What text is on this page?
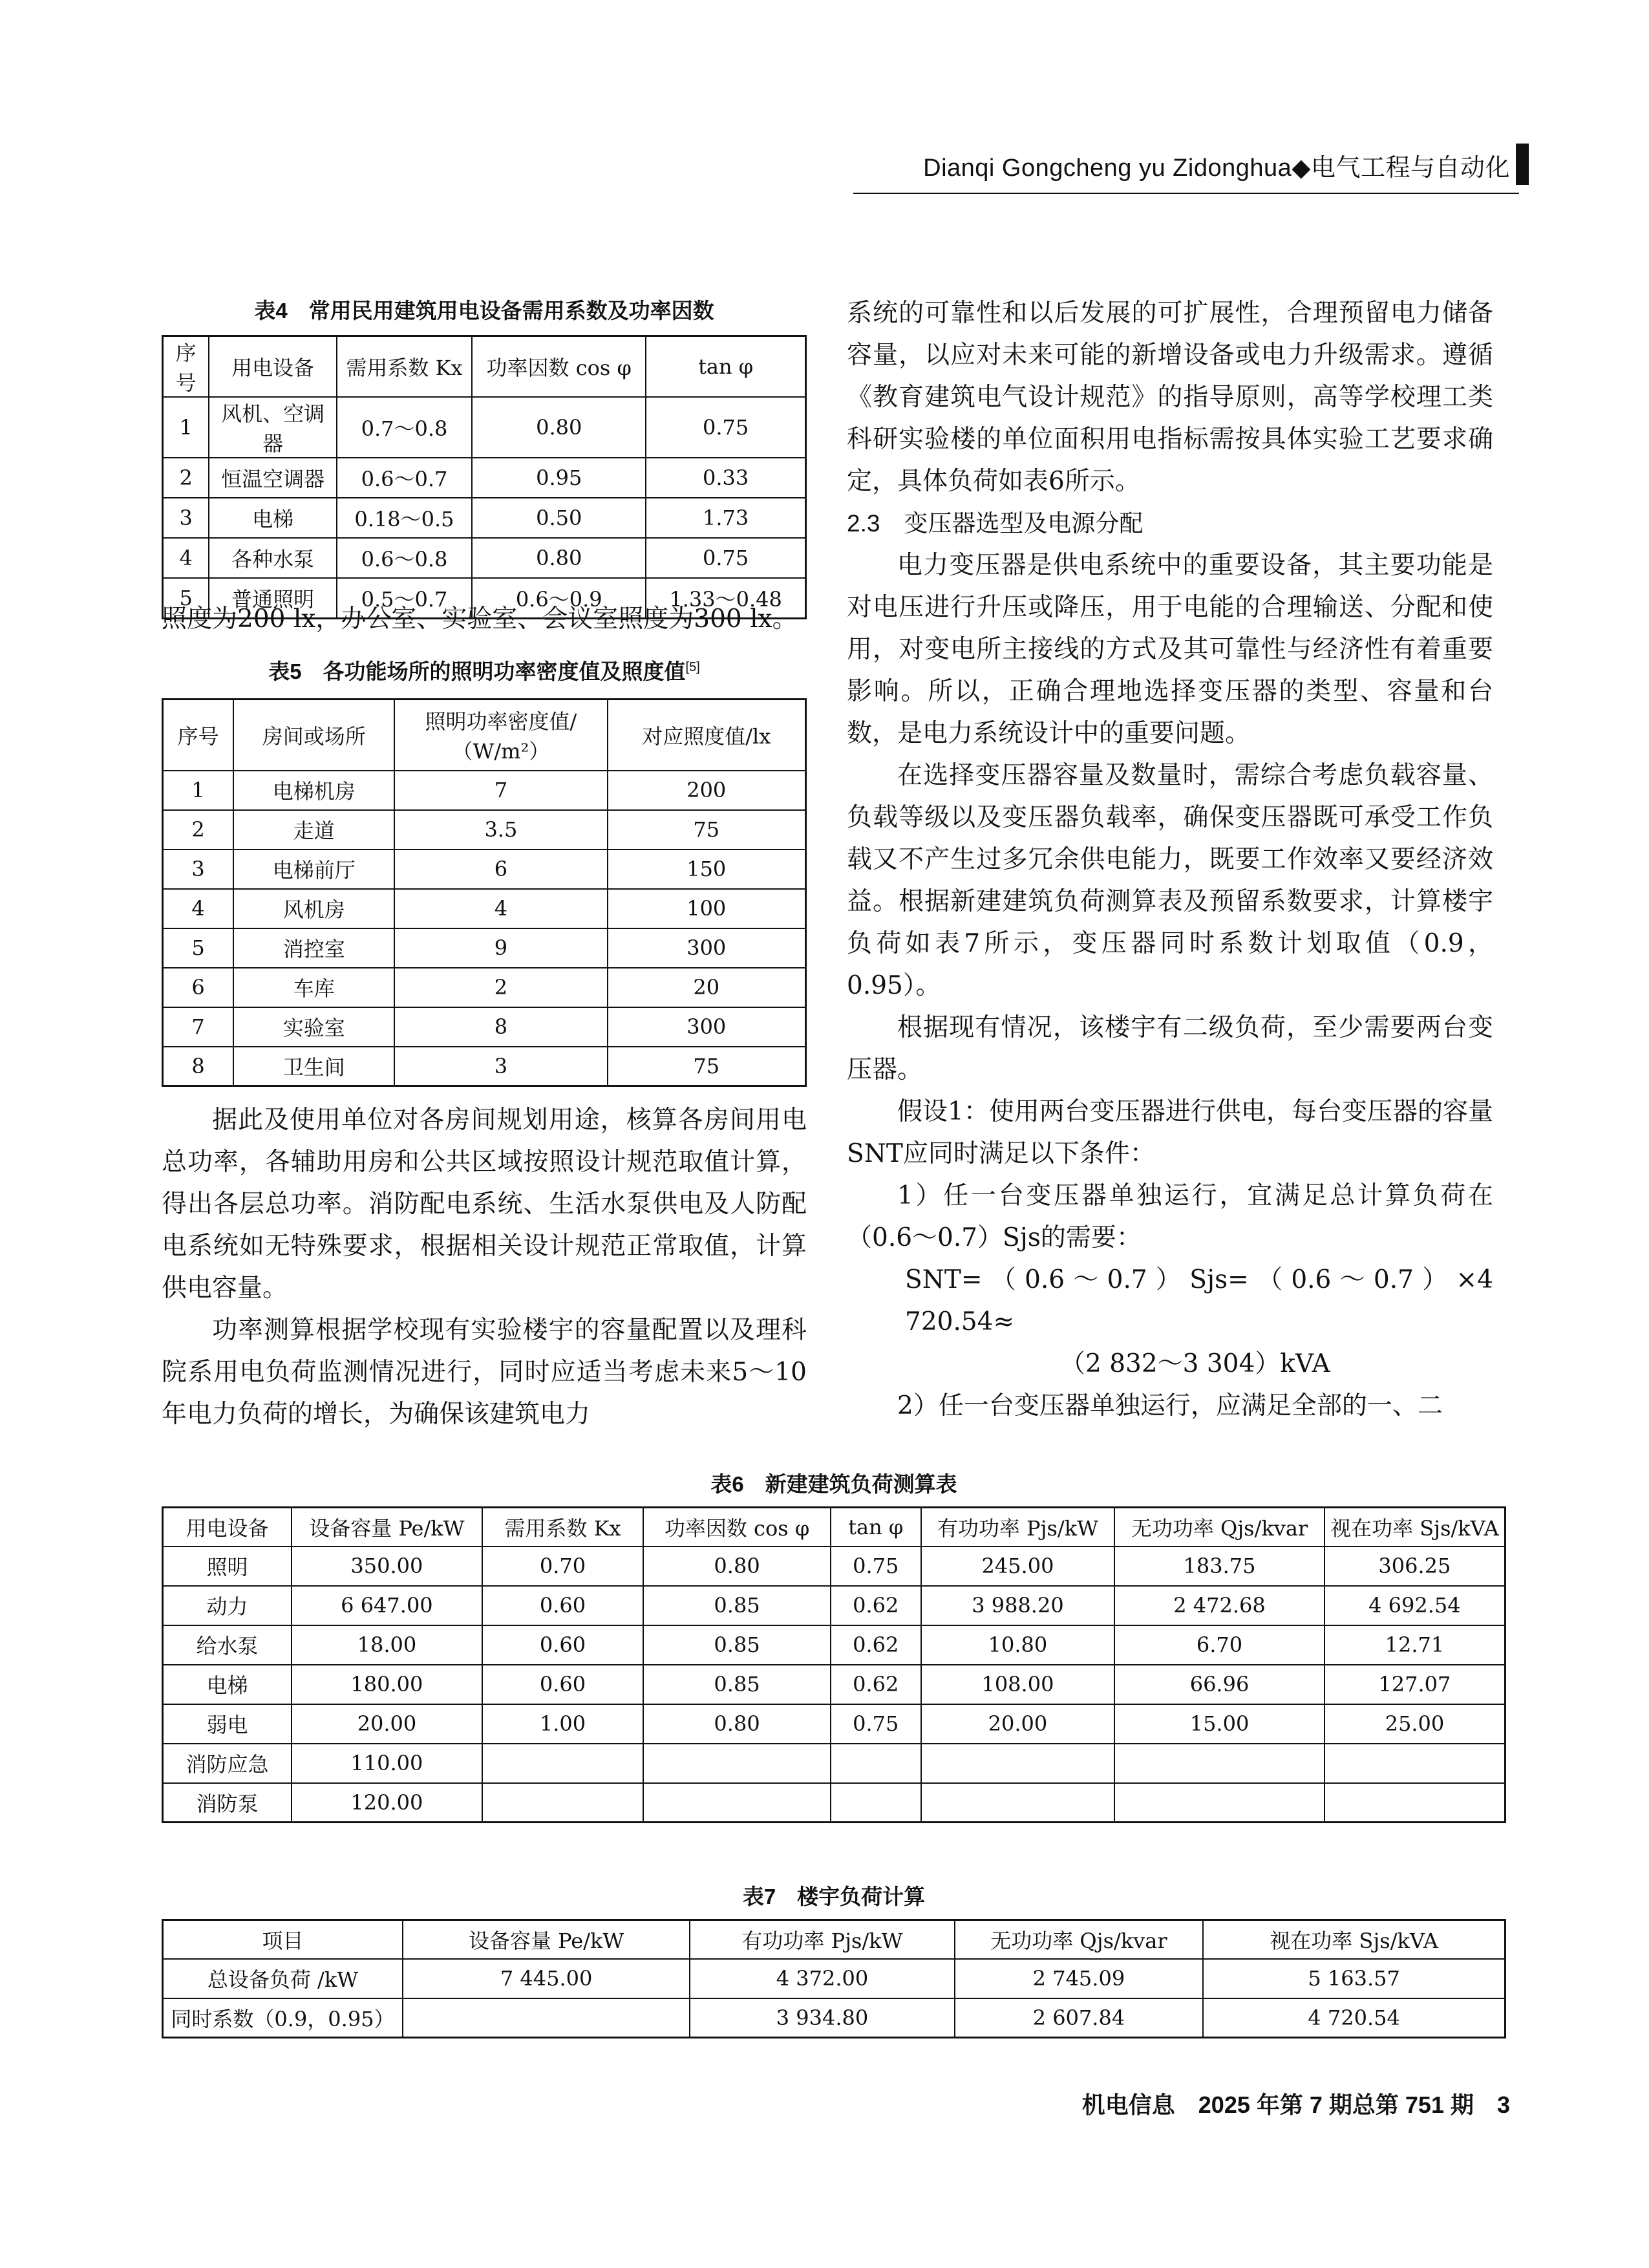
Dianqi Gongcheng yu Zidonghua◆电气工程与自动化
表4　常用民用建筑用电设备需用系数及功率因数
序号	用电设备	需用系数 Kx	功率因数 cos φ	tan φ
1	风机、空调器	0.7～0.8	0.80	0.75
2	恒温空调器	0.6～0.7	0.95	0.33
3	电梯	0.18～0.5	0.50	1.73
4	各种水泵	0.6～0.8	0.80	0.75
5	普通照明	0.5～0.7	0.6～0.9	1.33～0.48
照度为200 lx，办公室、实验室、会议室照度为300 lx。
表5　各功能场所的照明功率密度值及照度值[5]
序号	房间或场所	照明功率密度值/（W/m²）	对应照度值/lx
1	电梯机房	7	200
2	走道	3.5	75
3	电梯前厅	6	150
4	风机房	4	100
5	消控室	9	300
6	车库	2	20
7	实验室	8	300
8	卫生间	3	75

据此及使用单位对各房间规划用途，核算各房间用电总功率，各辅助用房和公共区域按照设计规范取值计算，得出各层总功率。消防配电系统、生活水泵供电及人防配电系统如无特殊要求，根据相关设计规范正常取值，计算供电容量。

功率测算根据学校现有实验楼宇的容量配置以及理科院系用电负荷监测情况进行，同时应适当考虑未来5～10年电力负荷的增长，为确保该建筑电力

系统的可靠性和以后发展的可扩展性，合理预留电力储备容量，以应对未来可能的新增设备或电力升级需求。遵循《教育建筑电气设计规范》的指导原则，高等学校理工类科研实验楼的单位面积用电指标需按具体实验工艺要求确定，具体负荷如表6所示。

2.3　变压器选型及电源分配

电力变压器是供电系统中的重要设备，其主要功能是对电压进行升压或降压，用于电能的合理输送、分配和使用，对变电所主接线的方式及其可靠性与经济性有着重要影响。所以，正确合理地选择变压器的类型、容量和台数，是电力系统设计中的重要问题。

在选择变压器容量及数量时，需综合考虑负载容量、负载等级以及变压器负载率，确保变压器既可承受工作负载又不产生过多冗余供电能力，既要工作效率又要经济效益。根据新建建筑负荷测算表及预留系数要求，计算楼宇负荷如表7所示，变压器同时系数计划取值（0.9，0.95）。

根据现有情况，该楼宇有二级负荷，至少需要两台变压器。

假设1：使用两台变压器进行供电，每台变压器的容量SNT应同时满足以下条件：

1）任一台变压器单独运行，宜满足总计算负荷在（0.6～0.7）Sjs的需要：

SNT=（0.6～0.7）Sjs=（0.6～0.7）×4 720.54≈

（2 832～3 304）kVA

2）任一台变压器单独运行，应满足全部的一、二

表6　新建建筑负荷测算表
用电设备	设备容量 Pe/kW	需用系数 Kx	功率因数 cos φ	tan φ	有功功率 Pjs/kW	无功功率 Qjs/kvar	视在功率 Sjs/kVA
照明	350.00	0.70	0.80	0.75	245.00	183.75	306.25
动力	6 647.00	0.60	0.85	0.62	3 988.20	2 472.68	4 692.54
给水泵	18.00	0.60	0.85	0.62	10.80	6.70	12.71
电梯	180.00	0.60	0.85	0.62	108.00	66.96	127.07
弱电	20.00	1.00	0.80	0.75	20.00	15.00	25.00
消防应急	110.00						
消防泵	120.00						
表7　楼宇负荷计算
项目	设备容量 Pe/kW	有功功率 Pjs/kW	无功功率 Qjs/kvar	视在功率 Sjs/kVA
总设备负荷 /kW	7 445.00	4 372.00	2 745.09	5 163.57
同时系数（0.9，0.95）		3 934.80	2 607.84	4 720.54
机电信息　2025 年第 7 期总第 751 期　3
